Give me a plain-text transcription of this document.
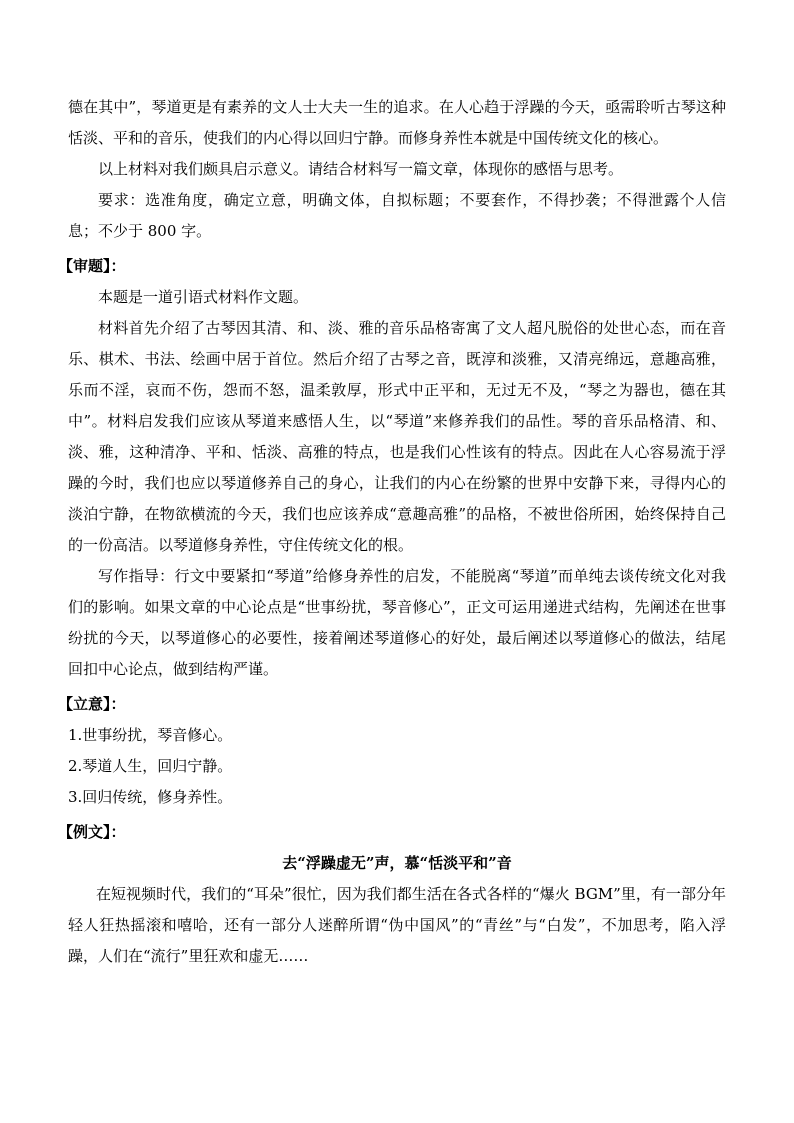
德在其中”，琴道更是有素养的文人士大夫一生的追求。在人心趋于浮躁的今天，亟需聆听古琴这种恬淡、平和的音乐，使我们的内心得以回归宁静。而修身养性本就是中国传统文化的核心。

以上材料对我们颇具启示意义。请结合材料写一篇文章，体现你的感悟与思考。

要求：选准角度，确定立意，明确文体，自拟标题；不要套作，不得抄袭；不得泄露个人信息；不少于 800 字。

【审题】：

本题是一道引语式材料作文题。

材料首先介绍了古琴因其清、和、淡、雅的音乐品格寄寓了文人超凡脱俗的处世心态，而在音乐、棋术、书法、绘画中居于首位。然后介绍了古琴之音，既淳和淡雅，又清亮绵远，意趣高雅，乐而不淫，哀而不伤，怨而不怒，温柔敦厚，形式中正平和，无过无不及，“琴之为器也，德在其中”。材料启发我们应该从琴道来感悟人生，以“琴道”来修养我们的品性。琴的音乐品格清、和、淡、雅，这种清净、平和、恬淡、高雅的特点，也是我们心性该有的特点。因此在人心容易流于浮躁的今时，我们也应以琴道修养自己的身心，让我们的内心在纷繁的世界中安静下来，寻得内心的淡泊宁静，在物欲横流的今天，我们也应该养成“意趣高雅”的品格，不被世俗所困，始终保持自己的一份高洁。以琴道修身养性，守住传统文化的根。

写作指导：行文中要紧扣“琴道”给修身养性的启发，不能脱离“琴道”而单纯去谈传统文化对我们的影响。如果文章的中心论点是“世事纷扰，琴音修心”，正文可运用递进式结构，先阐述在世事纷扰的今天，以琴道修心的必要性，接着阐述琴道修心的好处，最后阐述以琴道修心的做法，结尾回扣中心论点，做到结构严谨。

【立意】：

1.世事纷扰，琴音修心。

2.琴道人生，回归宁静。

3.回归传统，修身养性。

【例文】：

去“浮躁虚无”声，慕“恬淡平和”音

在短视频时代，我们的“耳朵”很忙，因为我们都生活在各式各样的“爆火 BGM”里，有一部分年轻人狂热摇滚和嘻哈，还有一部分人迷醉所谓“伪中国风”的“青丝”与“白发”，不加思考，陷入浮躁，人们在“流行”里狂欢和虚无……
